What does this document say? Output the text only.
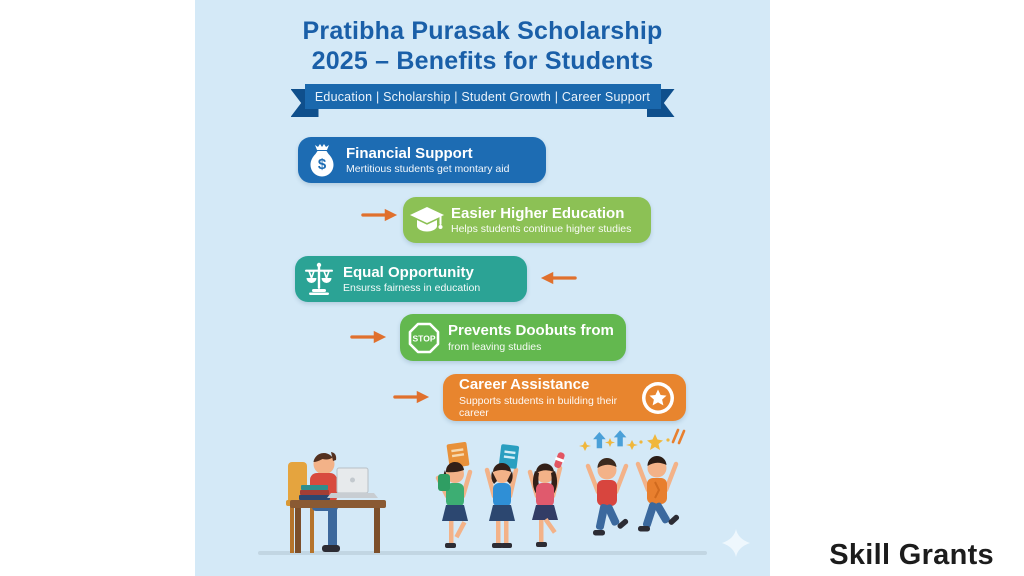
Pratibha Purasak Scholarship
2025 – Benefits for Students
Education | Scholarship | Student Growth | Career Support
$
Financial Support
Mertitious students get montary aid
Easier Higher Education
Helps students continue higher studies
Equal Opportunity
Ensurss fairness in education
STOP Prevents Doobuts from
from leaving studies
Career Assistance
Supports students in building their career
Skill Grants
